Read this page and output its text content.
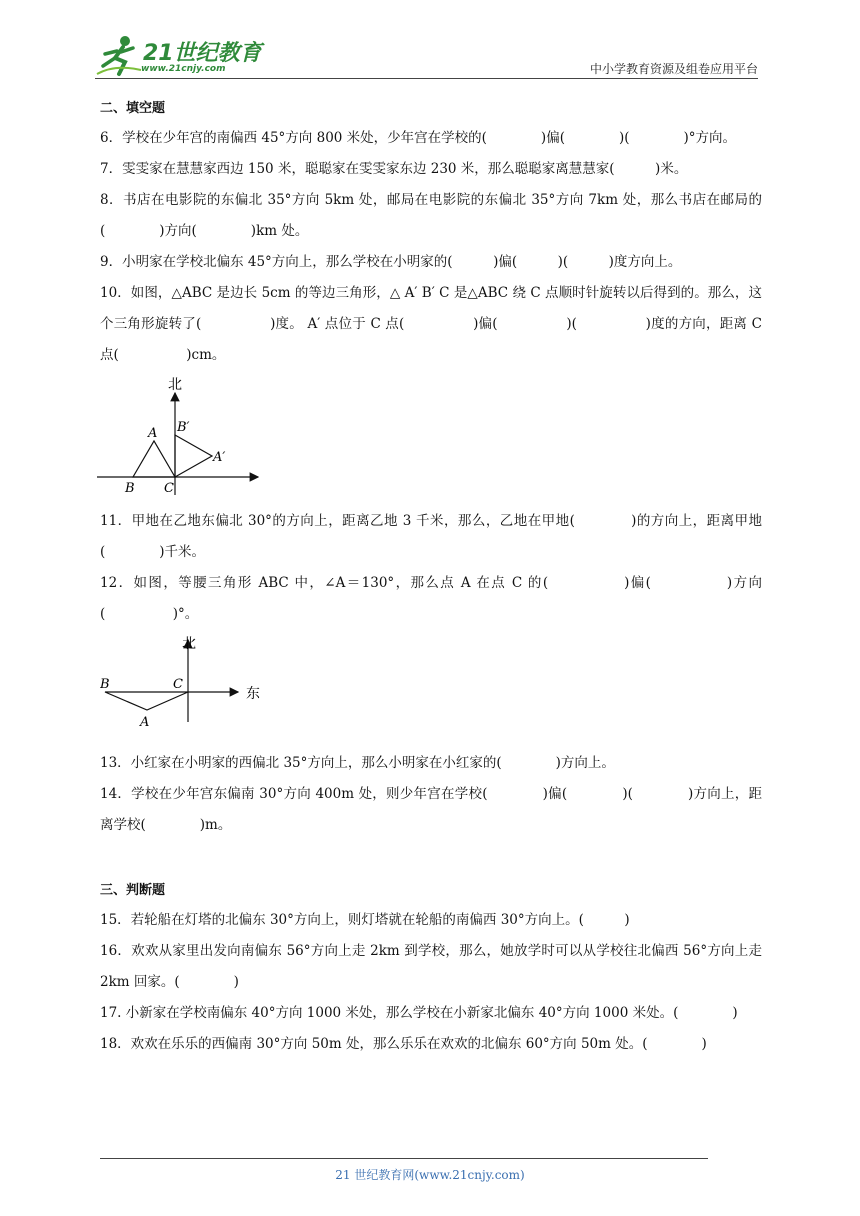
21世纪教育
www.21cnjy.com	中小学教育资源及组卷应用平台
二、填空题
6．学校在少年宫的南偏西 45°方向 800 米处，少年宫在学校的(　　　　)偏(　　　　)(　　　　)°方向。
7．雯雯家在慧慧家西边 150 米，聪聪家在雯雯家东边 230 米，那么聪聪家离慧慧家(　　　)米。
8．书店在电影院的东偏北 35°方向 5km 处，邮局在电影院的东偏北 35°方向 7km 处，那么书店在邮局的(　　　　)方向(　　　　)km 处。
9．小明家在学校北偏东 45°方向上，那么学校在小明家的(　　　)偏(　　　)(　　　)度方向上。
10．如图，△ABC 是边长 5cm 的等边三角形，△ A′ B′ C 是△ABC 绕 C 点顺时针旋转以后得到的。那么，这个三角形旋转了(　　　　　)度。 A′ 点位于 C 点(　　　　　)偏(　　　　　)(　　　　　)度的方向，距离 C 点(　　　　　)cm。
北
A
B C
A′
B′
11．甲地在乙地东偏北 30°的方向上，距离乙地 3 千米，那么，乙地在甲地(　　　　)的方向上，距离甲地(　　　　)千米。
12．如图，等腰三角形 ABC 中，∠A＝130°，那么点 A 在点 C 的(　　　　　)偏(　　　　　)方向(　　　　　)°。
北
东
B	C
A
13．小红家在小明家的西偏北 35°方向上，那么小明家在小红家的(　　　　)方向上。
14．学校在少年宫东偏南 30°方向 400m 处，则少年宫在学校(　　　　)偏(　　　　)(　　　　)方向上，距离学校(　　　　)m。
三、判断题
15．若轮船在灯塔的北偏东 30°方向上，则灯塔就在轮船的南偏西 30°方向上。(　　　)
16．欢欢从家里出发向南偏东 56°方向上走 2km 到学校，那么，她放学时可以从学校往北偏西 56°方向上走 2km 回家。(　　　　)
17. 小新家在学校南偏东 40°方向 1000 米处，那么学校在小新家北偏东 40°方向 1000 米处。(　　　　)
18．欢欢在乐乐的西偏南 30°方向 50m 处，那么乐乐在欢欢的北偏东 60°方向 50m 处。(　　　　)
21 世纪教育网(www.21cnjy.com)
